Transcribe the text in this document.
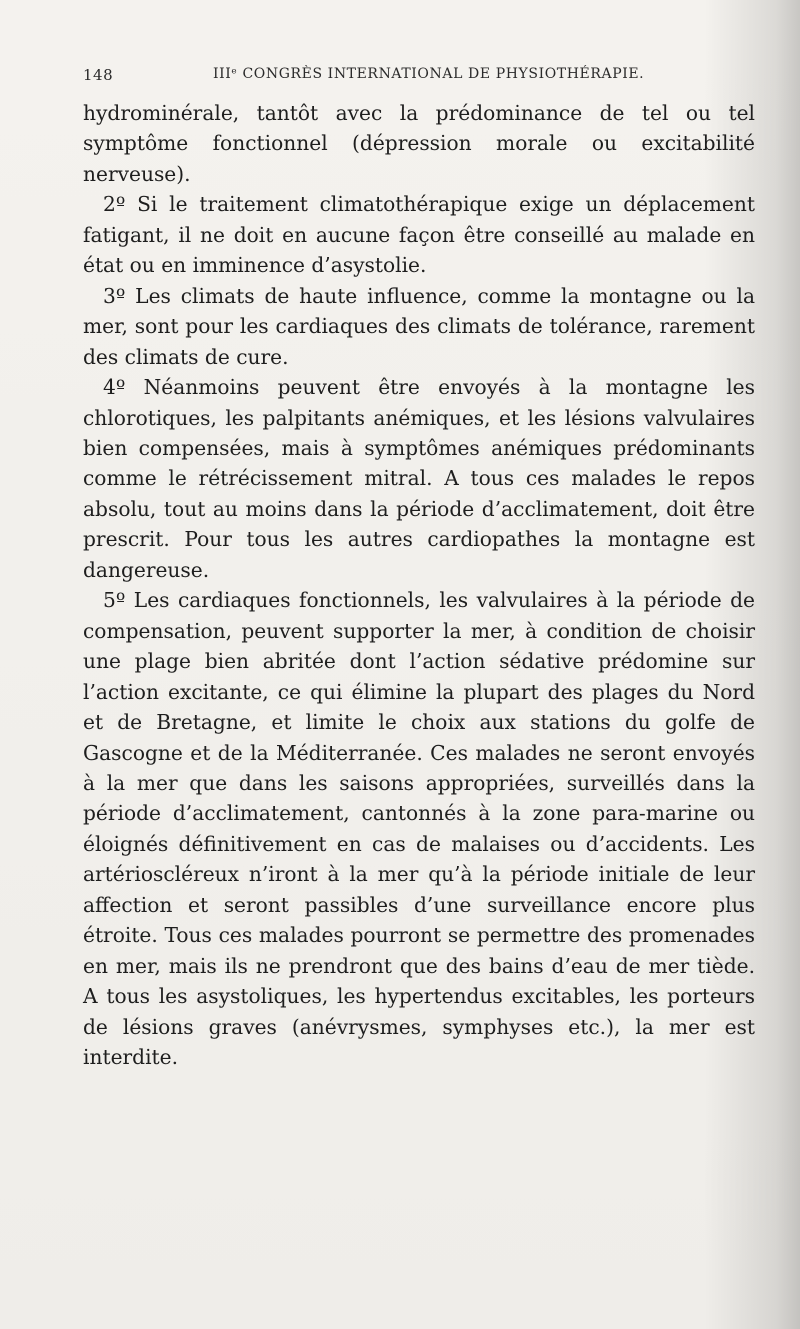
148	IIIᵉ CONGRÈS INTERNATIONAL DE PHYSIOTHÉRAPIE.

hydrominérale, tantôt avec la prédominance de tel ou tel symptôme fonctionnel (dépression morale ou excitabilité nerveuse).

2º Si le traitement climatothérapique exige un déplacement fatigant, il ne doit en aucune façon être conseillé au malade en état ou en imminence d’asystolie.

3º Les climats de haute influence, comme la montagne ou la mer, sont pour les cardiaques des climats de tolérance, rarement des climats de cure.

4º Néanmoins peuvent être envoyés à la montagne les chlorotiques, les palpitants anémiques, et les lésions valvulaires bien compensées, mais à symptômes anémiques prédominants comme le rétrécissement mitral. A tous ces malades le repos absolu, tout au moins dans la période d’acclimatement, doit être prescrit. Pour tous les autres cardiopathes la montagne est dangereuse.

5º Les cardiaques fonctionnels, les valvulaires à la période de compensation, peuvent supporter la mer, à condition de choisir une plage bien abritée dont l’action sédative prédomine sur l’action excitante, ce qui élimine la plupart des plages du Nord et de Bretagne, et limite le choix aux stations du golfe de Gascogne et de la Méditerranée. Ces malades ne seront envoyés à la mer que dans les saisons appropriées, surveillés dans la période d’acclimatement, cantonnés à la zone para-marine ou éloignés définitivement en cas de malaises ou d’accidents. Les artérioscléreux n’iront à la mer qu’à la période initiale de leur affection et seront passibles d’une surveillance encore plus étroite. Tous ces malades pourront se permettre des promenades en mer, mais ils ne prendront que des bains d’eau de mer tiède. A tous les asystoliques, les hypertendus excitables, les porteurs de lésions graves (anévrysmes, symphyses etc.), la mer est interdite.
